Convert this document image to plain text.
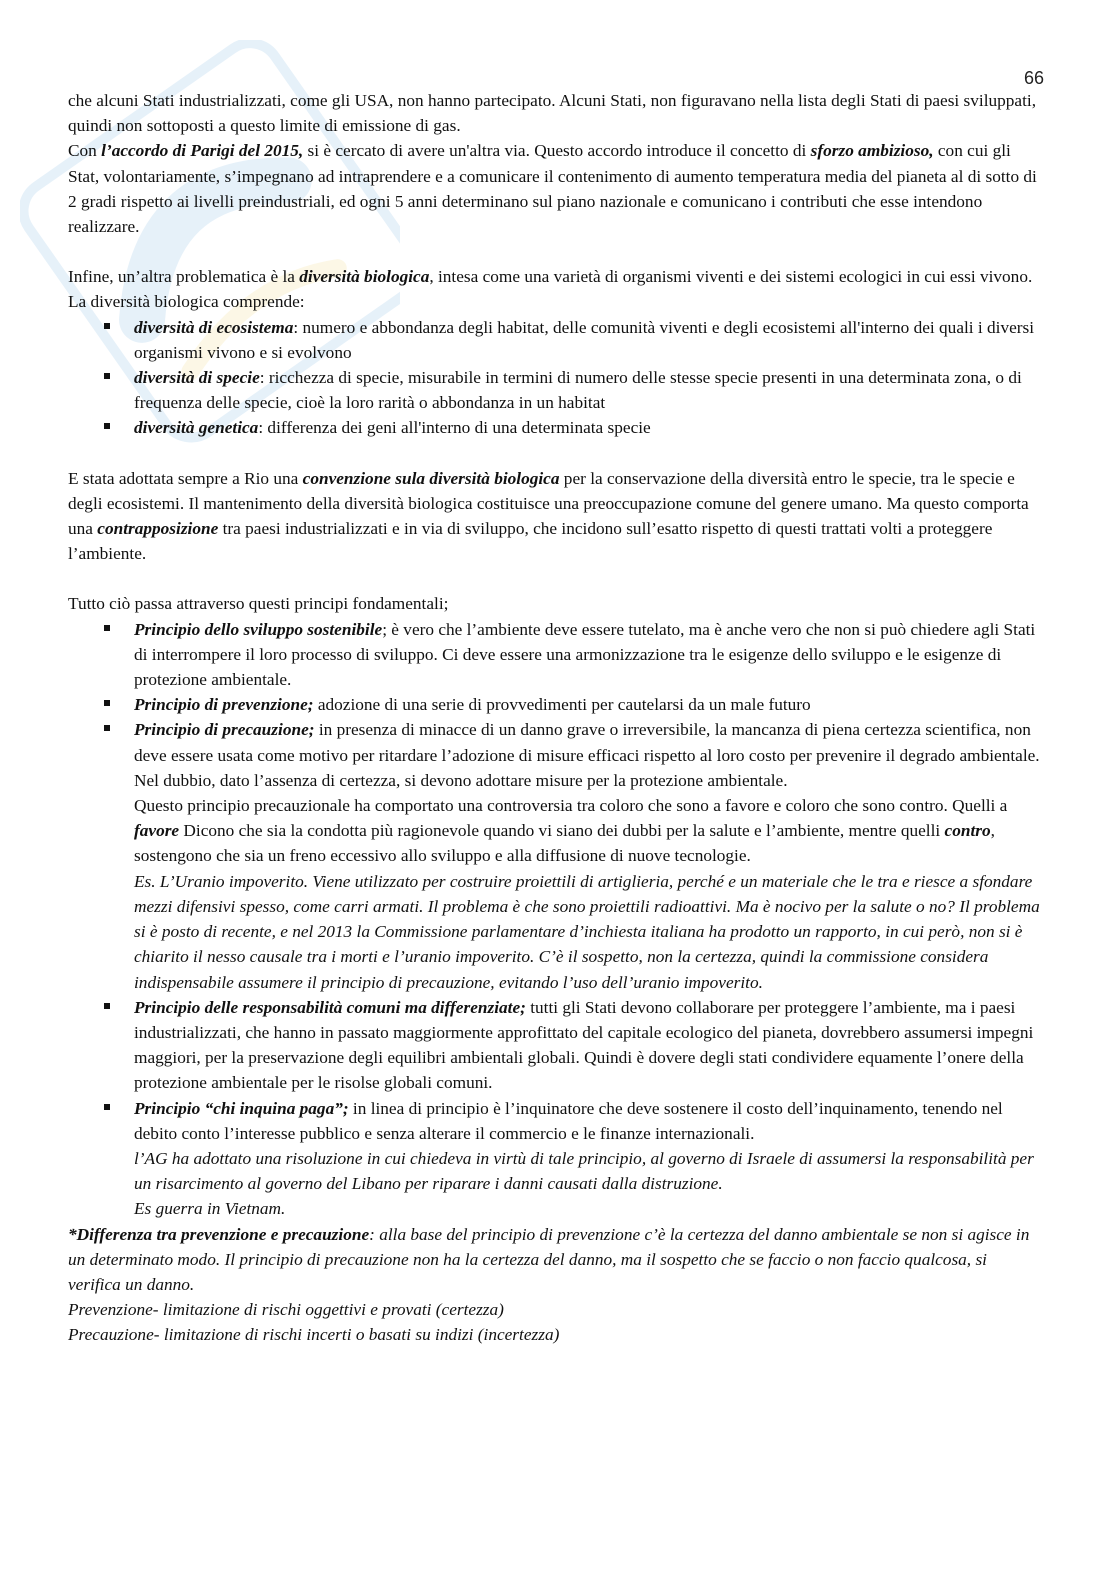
66

che alcuni Stati industrializzati, come gli USA, non hanno partecipato. Alcuni Stati, non figuravano nella lista degli Stati di paesi sviluppati, quindi non sottoposti a questo limite di emissione di gas.

Con l’accordo di Parigi del 2015, si è cercato di avere un'altra via. Questo accordo introduce il concetto di sforzo ambizioso, con cui gli Stat, volontariamente, s’impegnano ad intraprendere e a comunicare il contenimento di aumento temperatura media del pianeta al di sotto di 2 gradi rispetto ai livelli preindustriali, ed ogni 5 anni determinano sul piano nazionale e comunicano i contributi che esse intendono realizzare.

Infine, un’altra problematica è la diversità biologica, intesa come una varietà di organismi viventi e dei sistemi ecologici in cui essi vivono. La diversità biologica comprende:

diversità di ecosistema: numero e abbondanza degli habitat, delle comunità viventi e degli ecosistemi all'interno dei quali i diversi organismi vivono e si evolvono
diversità di specie: ricchezza di specie, misurabile in termini di numero delle stesse specie presenti in una determinata zona, o di frequenza delle specie, cioè la loro rarità o abbondanza in un habitat
diversità genetica: differenza dei geni all'interno di una determinata specie

E stata adottata sempre a Rio una convenzione sula diversità biologica per la conservazione della diversità entro le specie, tra le specie e degli ecosistemi. Il mantenimento della diversità biologica costituisce una preoccupazione comune del genere umano. Ma questo comporta una contrapposizione tra paesi industrializzati e in via di sviluppo, che incidono sull’esatto rispetto di questi trattati volti a proteggere l’ambiente.

Tutto ciò passa attraverso questi principi fondamentali;

Principio dello sviluppo sostenibile; è vero che l’ambiente deve essere tutelato, ma è anche vero che non si può chiedere agli Stati di interrompere il loro processo di sviluppo. Ci deve essere una armonizzazione tra le esigenze dello sviluppo e le esigenze di protezione ambientale.
Principio di prevenzione; adozione di una serie di provvedimenti per cautelarsi da un male futuro
Principio di precauzione; in presenza di minacce di un danno grave o irreversibile, la mancanza di piena certezza scientifica, non deve essere usata come motivo per ritardare l’adozione di misure efficaci rispetto al loro costo per prevenire il degrado ambientale. Nel dubbio, dato l’assenza di certezza, si devono adottare misure per la protezione ambientale.

Questo principio precauzionale ha comportato una controversia tra coloro che sono a favore e coloro che sono contro. Quelli a favore Dicono che sia la condotta più ragionevole quando vi siano dei dubbi per la salute e l’ambiente, mentre quelli contro, sostengono che sia un freno eccessivo allo sviluppo e alla diffusione di nuove tecnologie.

Es. L’Uranio impoverito. Viene utilizzato per costruire proiettili di artiglieria, perché e un materiale che le tra e riesce a sfondare mezzi difensivi spesso, come carri armati. Il problema è che sono proiettili radioattivi. Ma è nocivo per la salute o no? Il problema si è posto di recente, e nel 2013 la Commissione parlamentare d’inchiesta italiana ha prodotto un rapporto, in cui però, non si è chiarito il nesso causale tra i morti e l’uranio impoverito. C’è il sospetto, non la certezza, quindi la commissione considera indispensabile assumere il principio di precauzione, evitando l’uso dell’uranio impoverito.

Principio delle responsabilità comuni ma differenziate; tutti gli Stati devono collaborare per proteggere l’ambiente, ma i paesi industrializzati, che hanno in passato maggiormente approfittato del capitale ecologico del pianeta, dovrebbero assumersi impegni maggiori, per la preservazione degli equilibri ambientali globali. Quindi è dovere degli stati condividere equamente l’onere della protezione ambientale per le risolse globali comuni.
Principio “chi inquina paga”; in linea di principio è l’inquinatore che deve sostenere il costo dell’inquinamento, tenendo nel debito conto l’interesse pubblico e senza alterare il commercio e le finanze internazionali.

l’AG ha adottato una risoluzione in cui chiedeva in virtù di tale principio, al governo di Israele di assumersi la responsabilità per un risarcimento al governo del Libano per riparare i danni causati dalla distruzione.

Es guerra in Vietnam.

*Differenza tra prevenzione e precauzione: alla base del principio di prevenzione c’è la certezza del danno ambientale se non si agisce in un determinato modo. Il principio di precauzione non ha la certezza del danno, ma il sospetto che se faccio o non faccio qualcosa, si verifica un danno.

Prevenzione- limitazione di rischi oggettivi e provati (certezza)

Precauzione- limitazione di rischi incerti o basati su indizi (incertezza)
